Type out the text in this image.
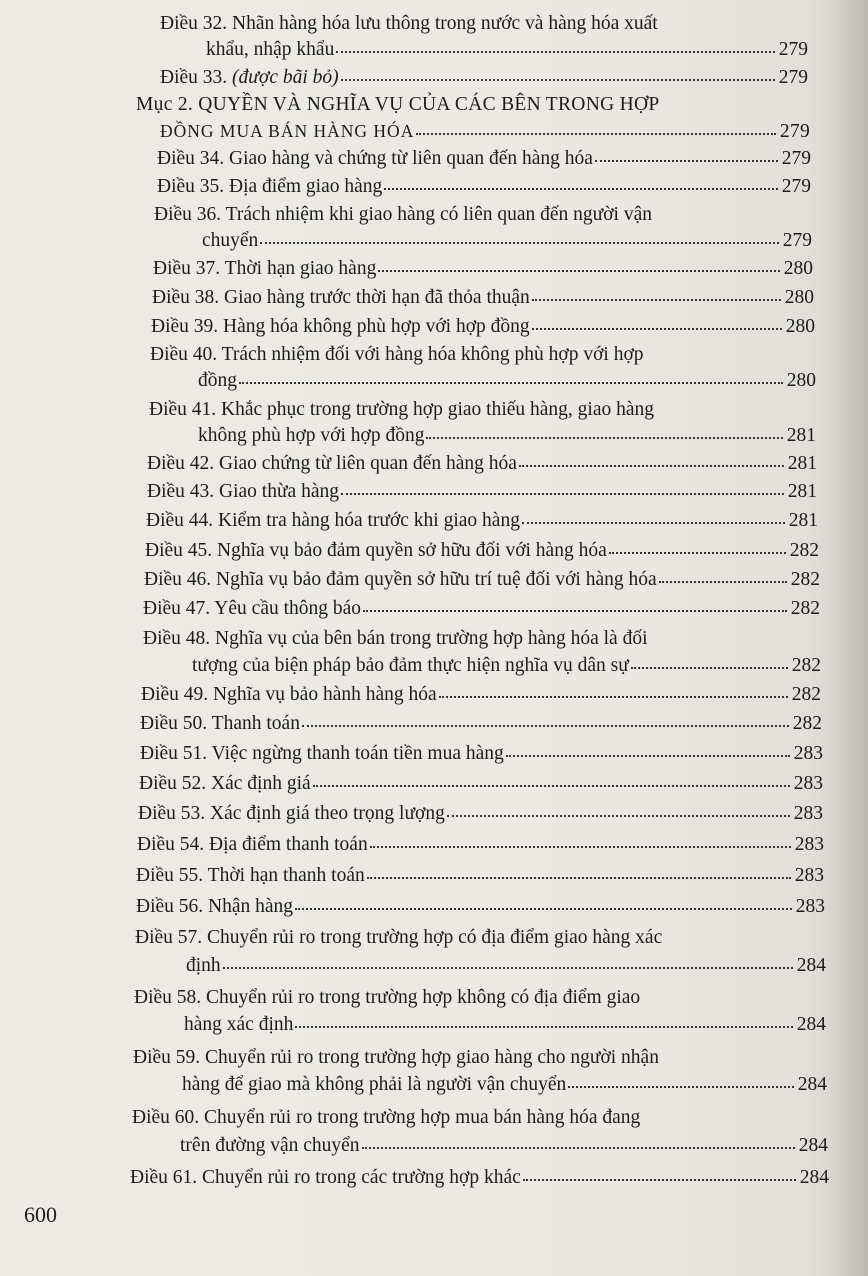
Điều 32. Nhãn hàng hóa lưu thông trong nước và hàng hóa xuất
khẩu, nhập khẩu	279
Điều 33. (được bãi bỏ)	279
Mục 2. QUYỀN VÀ NGHĨA VỤ CỦA CÁC BÊN TRONG HỢP
ĐỒNG MUA BÁN HÀNG HÓA	279
Điều 34. Giao hàng và chứng từ liên quan đến hàng hóa	279
Điều 35. Địa điểm giao hàng	279
Điều 36. Trách nhiệm khi giao hàng có liên quan đến người vận
chuyển	279
Điều 37. Thời hạn giao hàng	280
Điều 38. Giao hàng trước thời hạn đã thỏa thuận	280
Điều 39. Hàng hóa không phù hợp với hợp đồng	280
Điều 40. Trách nhiệm đối với hàng hóa không phù hợp với hợp
đồng	280
Điều 41. Khắc phục trong trường hợp giao thiếu hàng, giao hàng
không phù hợp với hợp đồng	281
Điều 42. Giao chứng từ liên quan đến hàng hóa	281
Điều 43. Giao thừa hàng	281
Điều 44. Kiểm tra hàng hóa trước khi giao hàng	281
Điều 45. Nghĩa vụ bảo đảm quyền sở hữu đối với hàng hóa	282
Điều 46. Nghĩa vụ bảo đảm quyền sở hữu trí tuệ đối với hàng hóa	282
Điều 47. Yêu cầu thông báo	282
Điều 48. Nghĩa vụ của bên bán trong trường hợp hàng hóa là đối
tượng của biện pháp bảo đảm thực hiện nghĩa vụ dân sự	282
Điều 49. Nghĩa vụ bảo hành hàng hóa	282
Điều 50. Thanh toán	282
Điều 51. Việc ngừng thanh toán tiền mua hàng	283
Điều 52. Xác định giá	283
Điều 53. Xác định giá theo trọng lượng	283
Điều 54. Địa điểm thanh toán	283
Điều 55. Thời hạn thanh toán	283
Điều 56. Nhận hàng	283
Điều 57. Chuyển rủi ro trong trường hợp có địa điểm giao hàng xác
định	284
Điều 58. Chuyển rủi ro trong trường hợp không có địa điểm giao
hàng xác định	284
Điều 59. Chuyển rủi ro trong trường hợp giao hàng cho người nhận
hàng để giao mà không phải là người vận chuyển	284
Điều 60. Chuyển rủi ro trong trường hợp mua bán hàng hóa đang
trên đường vận chuyển	284
Điều 61. Chuyển rủi ro trong các trường hợp khác	284
600
